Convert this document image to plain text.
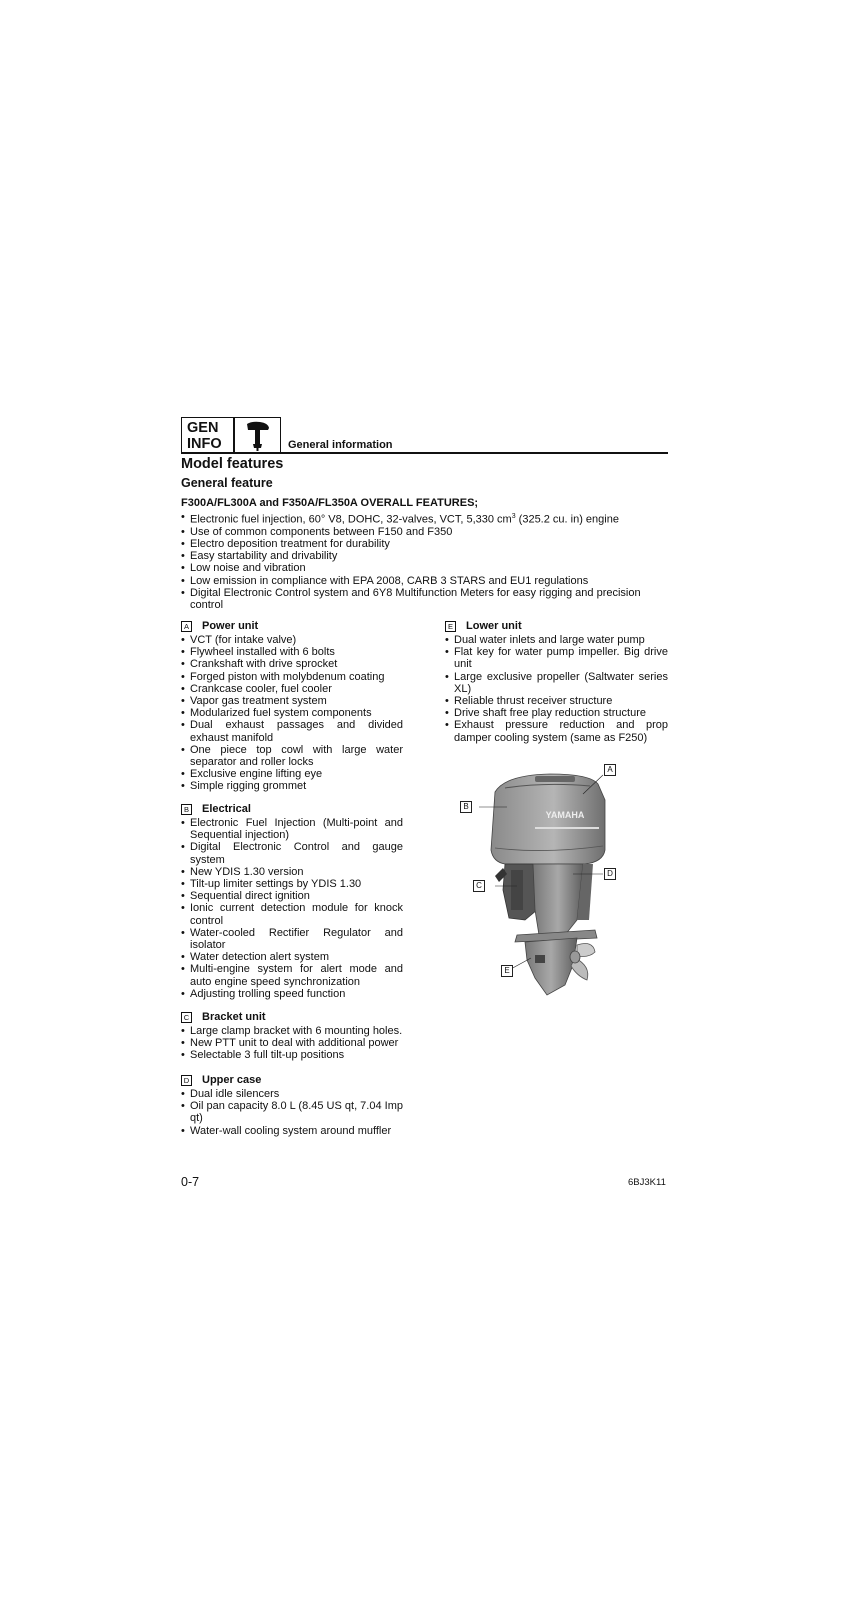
GEN
INFO	General information
Model features
General feature
F300A/FL300A and F350A/FL350A OVERALL FEATURES;
• Electronic fuel injection, 60° V8, DOHC, 32-valves, VCT, 5,330 $cm^3$ (325.2 cu. in) engine
• Use of common components between F150 and F350
• Electro deposition treatment for durability
• Easy startability and drivability
• Low noise and vibration
• Low emission in compliance with EPA 2008, CARB 3 STARS and EU1 regulations
• Digital Electronic Control system and 6Y8 Multifunction Meters for easy rigging and precision control
A Power unit
• VCT (for intake valve)
• Flywheel installed with 6 bolts
• Crankshaft with drive sprocket
• Forged piston with molybdenum coating
• Crankcase cooler, fuel cooler
• Vapor gas treatment system
• Modularized fuel system components
• Dual exhaust passages and divided exhaust manifold
• One piece top cowl with large water separator and roller locks
• Exclusive engine lifting eye
• Simple rigging grommet
B Electrical
• Electronic Fuel Injection (Multi-point and Sequential injection)
• Digital Electronic Control and gauge system
• New YDIS 1.30 version
• Tilt-up limiter settings by YDIS 1.30
• Sequential direct ignition
• Ionic current detection module for knock control
• Water-cooled Rectifier Regulator and isolator
• Water detection alert system
• Multi-engine system for alert mode and auto engine speed synchronization
• Adjusting trolling speed function
C Bracket unit
• Large clamp bracket with 6 mounting holes.
• New PTT unit to deal with additional power
• Selectable 3 full tilt-up positions
D Upper case
• Dual idle silencers
• Oil pan capacity 8.0 L (8.45 US qt, 7.04 Imp qt)
• Water-wall cooling system around muffler
E Lower unit
• Dual water inlets and large water pump
• Flat key for water pump impeller. Big drive unit
• Large exclusive propeller (Saltwater series XL)
• Reliable thrust receiver structure
• Drive shaft free play reduction structure
• Exhaust pressure reduction and prop damper cooling system (same as F250)
YAMAHA
A
B
C
D
E
0-7	6BJ3K11
